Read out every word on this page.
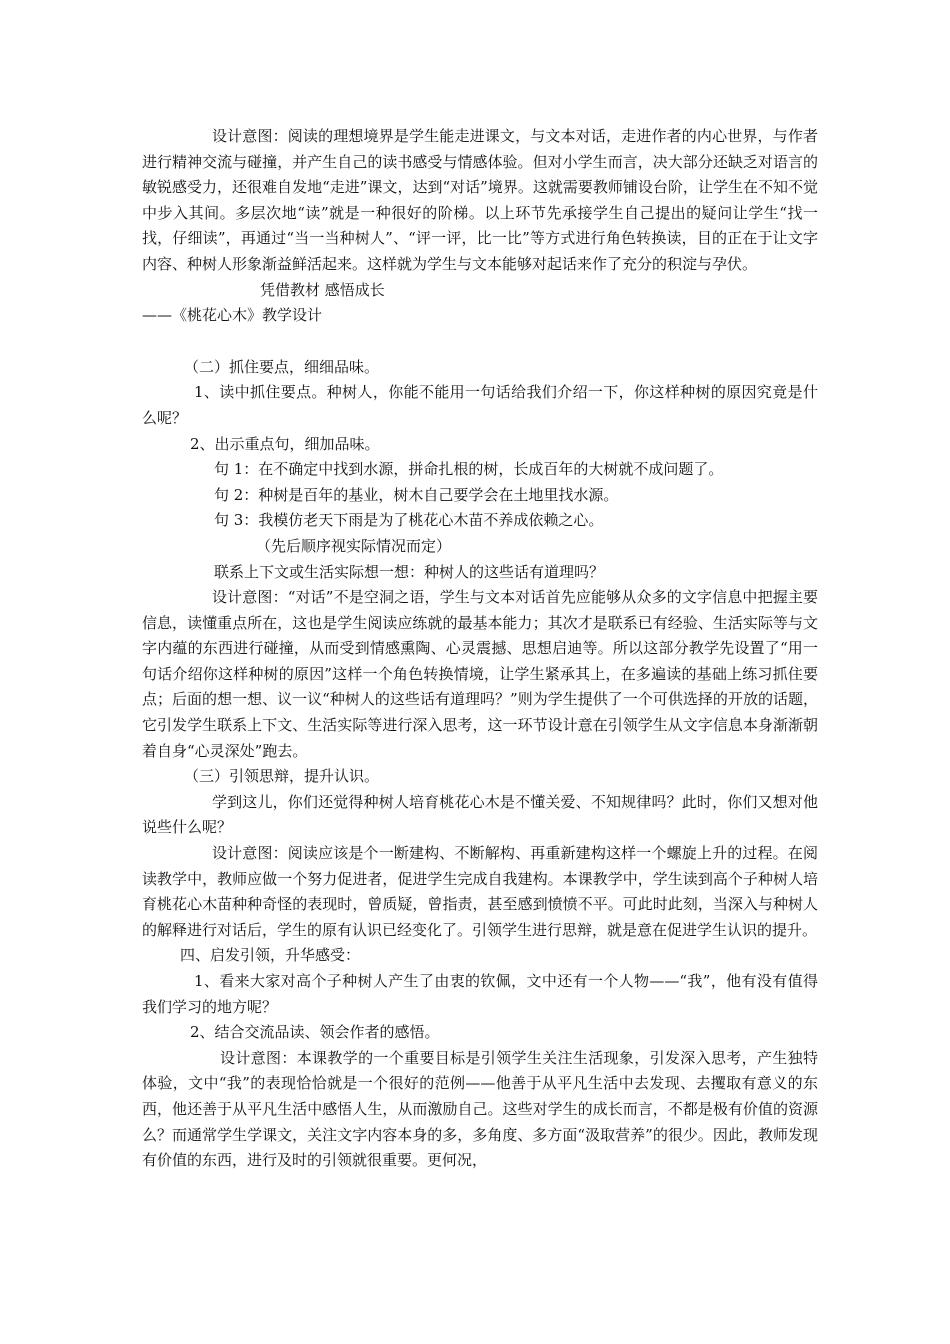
设计意图：阅读的理想境界是学生能走进课文，与文本对话，走进作者的内心世界，与作者进行精神交流与碰撞，并产生自己的读书感受与情感体验。但对小学生而言，决大部分还缺乏对语言的敏锐感受力，还很难自发地“走进”课文，达到“对话”境界。这就需要教师铺设台阶，让学生在不知不觉中步入其间。多层次地“读”就是一种很好的阶梯。以上环节先承接学生自己提出的疑问让学生“找一找，仔细读”，再通过“当一当种树人”、“评一评，比一比”等方式进行角色转换读，目的正在于让文字内容、种树人形象渐益鲜活起来。这样就为学生与文本能够对起话来作了充分的积淀与孕伏。

凭借教材 感悟成长

——《桃花心木》教学设计

（二）抓住要点，细细品味。

1、读中抓住要点。种树人，你能不能用一句话给我们介绍一下，你这样种树的原因究竟是什么呢？

2、出示重点句，细加品味。

句 1：在不确定中找到水源，拼命扎根的树，长成百年的大树就不成问题了。

句 2：种树是百年的基业，树木自己要学会在土地里找水源。

句 3：我模仿老天下雨是为了桃花心木苗不养成依赖之心。

（先后顺序视实际情况而定）

联系上下文或生活实际想一想：种树人的这些话有道理吗？

设计意图：“对话”不是空洞之语，学生与文本对话首先应能够从众多的文字信息中把握主要信息，读懂重点所在，这也是学生阅读应练就的最基本能力；其次才是联系已有经验、生活实际等与文字内蕴的东西进行碰撞，从而受到情感熏陶、心灵震撼、思想启迪等。所以这部分教学先设置了“用一句话介绍你这样种树的原因”这样一个角色转换情境，让学生紧承其上，在多遍读的基础上练习抓住要点；后面的想一想、议一议“种树人的这些话有道理吗？”则为学生提供了一个可供选择的开放的话题，它引发学生联系上下文、生活实际等进行深入思考，这一环节设计意在引领学生从文字信息本身渐渐朝着自身“心灵深处”跑去。

（三）引领思辩，提升认识。

学到这儿，你们还觉得种树人培育桃花心木是不懂关爱、不知规律吗？此时，你们又想对他说些什么呢？

设计意图：阅读应该是个一断建构、不断解构、再重新建构这样一个螺旋上升的过程。在阅读教学中，教师应做一个努力促进者，促进学生完成自我建构。本课教学中，学生读到高个子种树人培育桃花心木苗种种奇怪的表现时，曾质疑，曾指责，甚至感到愤愤不平。可此时此刻，当深入与种树人的解释进行对话后，学生的原有认识已经变化了。引领学生进行思辩，就是意在促进学生认识的提升。

四、启发引领，升华感受：

1、看来大家对高个子种树人产生了由衷的钦佩，文中还有一个人物——“我”，他有没有值得我们学习的地方呢？

2、结合交流品读、领会作者的感悟。

设计意图：本课教学的一个重要目标是引领学生关注生活现象，引发深入思考，产生独特体验，文中“我”的表现恰恰就是一个很好的范例——他善于从平凡生活中去发现、去攫取有意义的东西，他还善于从平凡生活中感悟人生，从而激励自己。这些对学生的成长而言，不都是极有价值的资源么？而通常学生学课文，关注文字内容本身的多，多角度、多方面“汲取营养”的很少。因此，教师发现有价值的东西，进行及时的引领就很重要。更何况，
